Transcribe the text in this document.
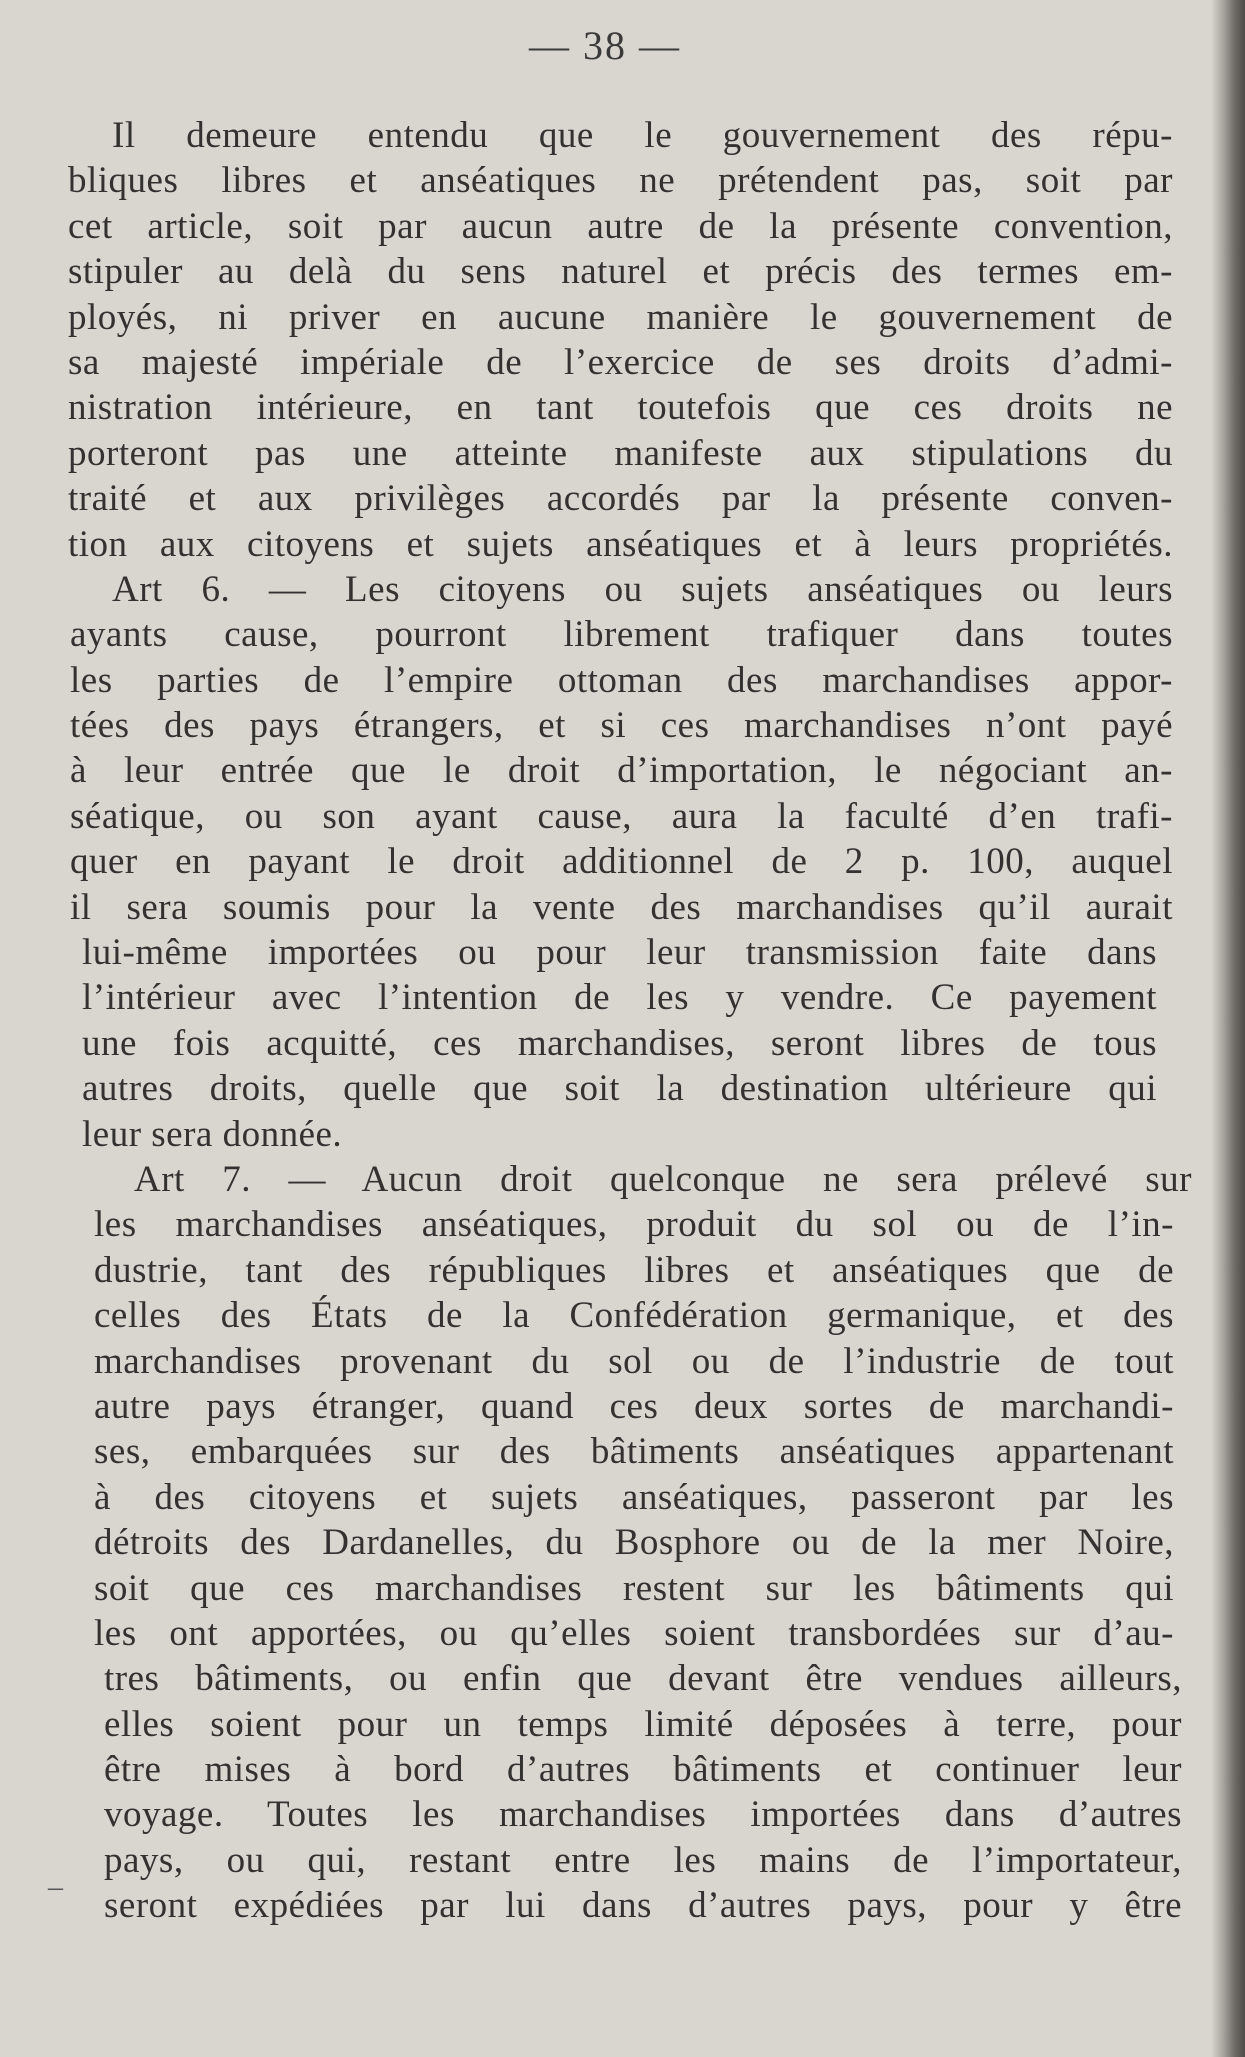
— 38 —
Il demeure entendu que le gouvernement des répu-
bliques libres et anséatiques ne prétendent pas, soit par
cet article, soit par aucun autre de la présente convention,
stipuler au delà du sens naturel et précis des termes em-
ployés, ni priver en aucune manière le gouvernement de
sa majesté impériale de l’exercice de ses droits d’admi-
nistration intérieure, en tant toutefois que ces droits ne
porteront pas une atteinte manifeste aux stipulations du
traité et aux privilèges accordés par la présente conven-
tion aux citoyens et sujets anséatiques et à leurs propriétés.
Art 6. — Les citoyens ou sujets anséatiques ou leurs
ayants cause, pourront librement trafiquer dans toutes
les parties de l’empire ottoman des marchandises appor-
tées des pays étrangers, et si ces marchandises n’ont payé
à leur entrée que le droit d’importation, le négociant an-
séatique, ou son ayant cause, aura la faculté d’en trafi-
quer en payant le droit additionnel de 2 p. 100, auquel
il sera soumis pour la vente des marchandises qu’il aurait
lui-même importées ou pour leur transmission faite dans
l’intérieur avec l’intention de les y vendre. Ce payement
une fois acquitté, ces marchandises, seront libres de tous
autres droits, quelle que soit la destination ultérieure qui
leur sera donnée.
Art 7. — Aucun droit quelconque ne sera prélevé sur
les marchandises anséatiques, produit du sol ou de l’in-
dustrie, tant des républiques libres et anséatiques que de
celles des États de la Confédération germanique, et des
marchandises provenant du sol ou de l’industrie de tout
autre pays étranger, quand ces deux sortes de marchandi-
ses, embarquées sur des bâtiments anséatiques appartenant
à des citoyens et sujets anséatiques, passeront par les
détroits des Dardanelles, du Bosphore ou de la mer Noire,
soit que ces marchandises restent sur les bâtiments qui
les ont apportées, ou qu’elles soient transbordées sur d’au-
tres bâtiments, ou enfin que devant être vendues ailleurs,
elles soient pour un temps limité déposées à terre, pour
être mises à bord d’autres bâtiments et continuer leur
voyage. Toutes les marchandises importées dans d’autres
pays, ou qui, restant entre les mains de l’importateur,
seront expédiées par lui dans d’autres pays, pour y être
–
